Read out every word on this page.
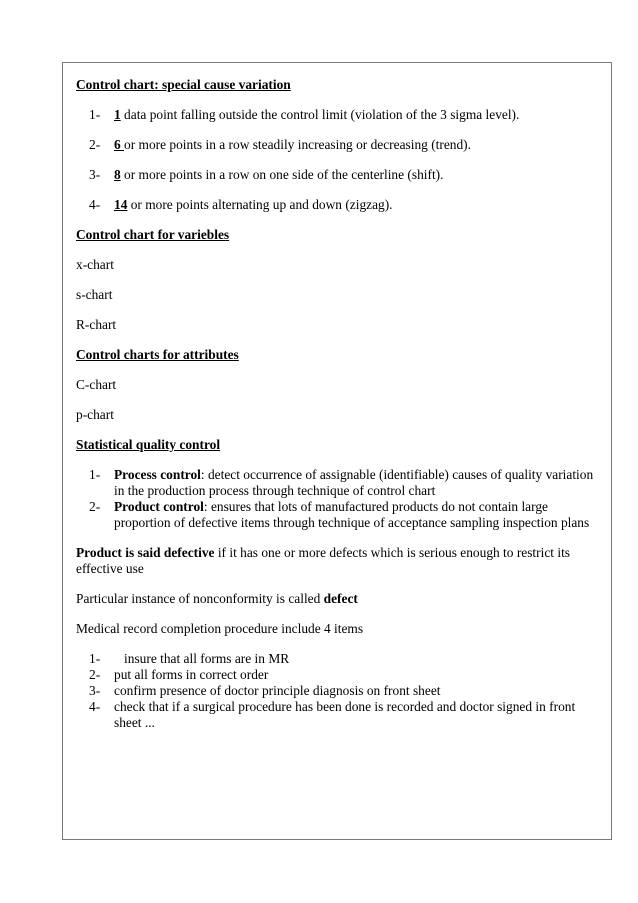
Control chart: special cause variation
1- 1 data point falling outside the control limit (violation of the 3 sigma level).
2- 6 or more points in a row steadily increasing or decreasing (trend).
3- 8 or more points in a row on one side of the centerline (shift).
4- 14 or more points alternating up and down (zigzag).
Control chart for variebles
x-chart
s-chart
R-chart
Control charts for attributes
C-chart
p-chart
Statistical quality control
1- Process control: detect occurrence of assignable (identifiable) causes of quality variation in the production process through technique of control chart
2- Product control: ensures that lots of manufactured products do not contain large proportion of defective items through technique of acceptance sampling inspection plans
Product is said defective if it has one or more defects which is serious enough to restrict its effective use
Particular instance of nonconformity is called defect
Medical record completion procedure include 4 items
1- insure that all forms are in MR
2- put all forms in correct order
3- confirm presence of doctor principle diagnosis on front sheet
4- check that if a surgical procedure has been done is recorded and doctor signed in front sheet ...
